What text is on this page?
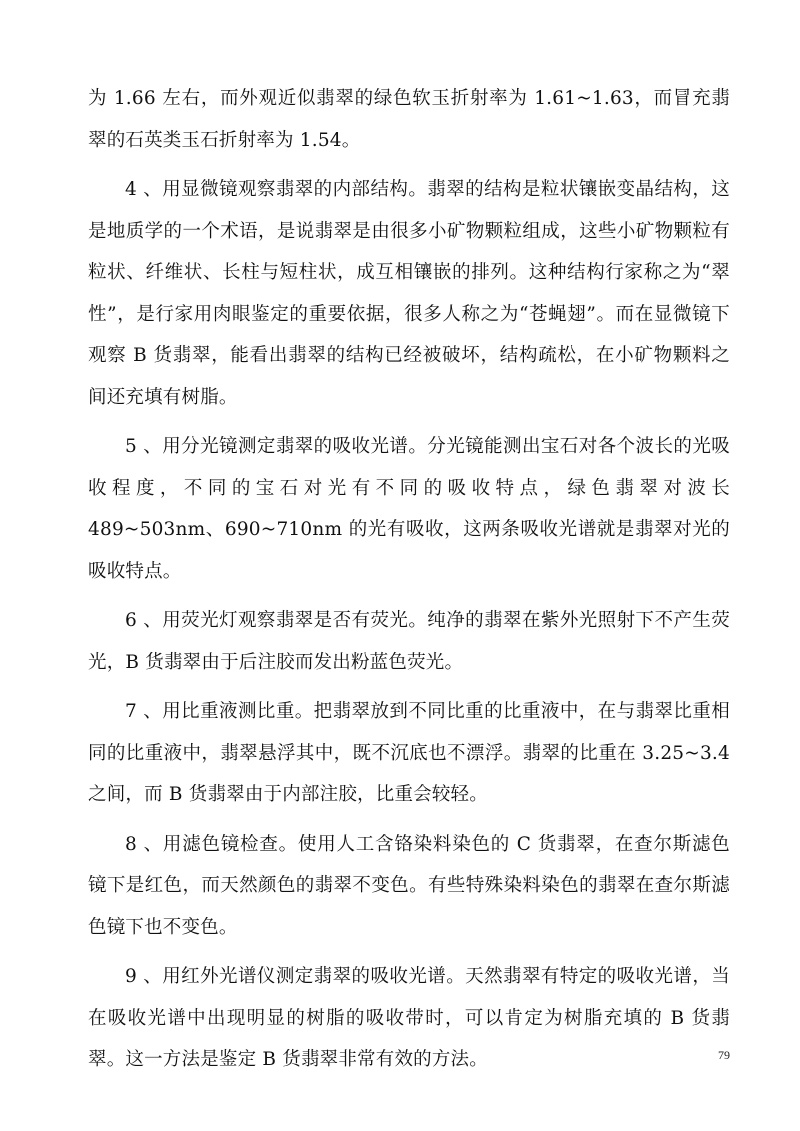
为 1.66 左右，而外观近似翡翠的绿色软玉折射率为 1.61~1.63，而冒充翡翠的石英类玉石折射率为 1.54。

4 、用显微镜观察翡翠的内部结构。翡翠的结构是粒状镶嵌变晶结构，这是地质学的一个术语，是说翡翠是由很多小矿物颗粒组成，这些小矿物颗粒有粒状、纤维状、长柱与短柱状，成互相镶嵌的排列。这种结构行家称之为“翠性”，是行家用肉眼鉴定的重要依据，很多人称之为“苍蝇翅”。而在显微镜下观察 B 货翡翠，能看出翡翠的结构已经被破坏，结构疏松，在小矿物颗料之间还充填有树脂。

5 、用分光镜测定翡翠的吸收光谱。分光镜能测出宝石对各个波长的光吸收程度，不同的宝石对光有不同的吸收特点，绿色翡翠对波长 489~503nm、690~710nm 的光有吸收，这两条吸收光谱就是翡翠对光的吸收特点。

6 、用荧光灯观察翡翠是否有荧光。纯净的翡翠在紫外光照射下不产生荧光，B 货翡翠由于后注胶而发出粉蓝色荧光。

7 、用比重液测比重。把翡翠放到不同比重的比重液中，在与翡翠比重相同的比重液中，翡翠悬浮其中，既不沉底也不漂浮。翡翠的比重在 3.25~3.4 之间，而 B 货翡翠由于内部注胶，比重会较轻。

8 、用滤色镜检查。使用人工含铬染料染色的 C 货翡翠，在查尔斯滤色镜下是红色，而天然颜色的翡翠不变色。有些特殊染料染色的翡翠在查尔斯滤色镜下也不变色。

9 、用红外光谱仪测定翡翠的吸收光谱。天然翡翠有特定的吸收光谱，当在吸收光谱中出现明显的树脂的吸收带时，可以肯定为树脂充填的 B 货翡翠。这一方法是鉴定 B 货翡翠非常有效的方法。	79
